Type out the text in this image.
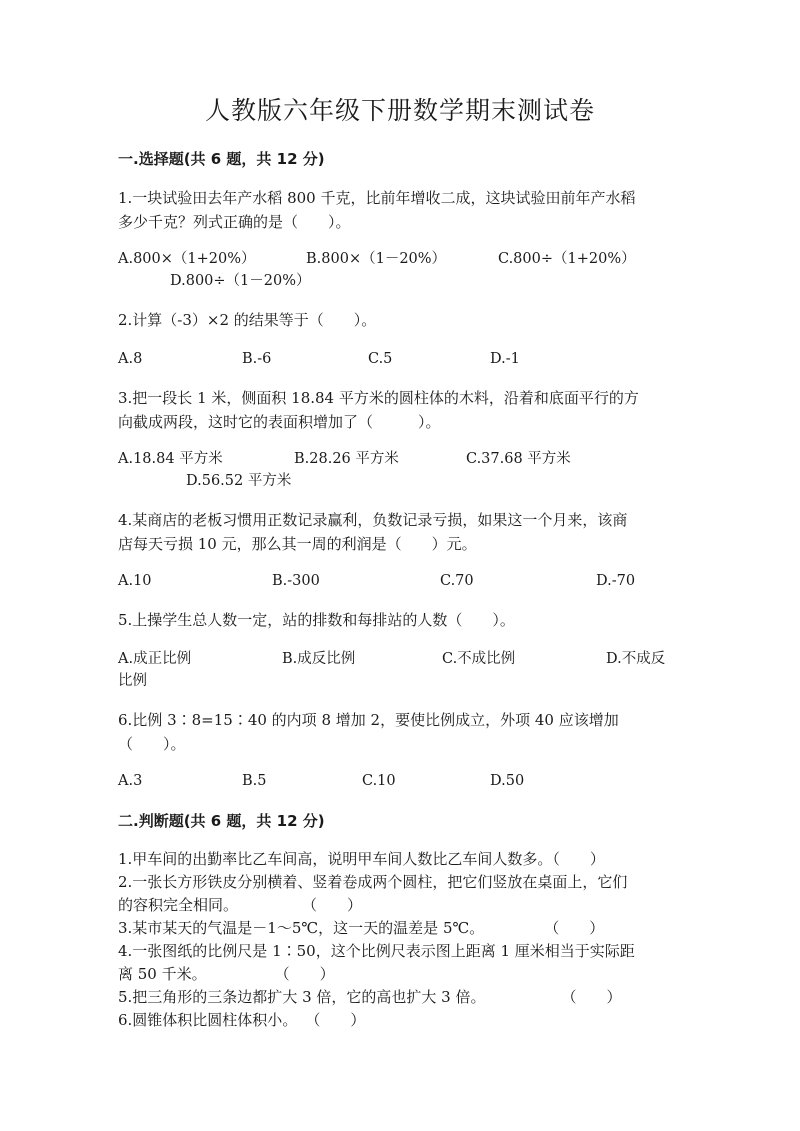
人教版六年级下册数学期末测试卷
一.选择题(共 6 题，共 12 分)
1.一块试验田去年产水稻 800 千克，比前年增收二成，这块试验田前年产水稻
多少千克？列式正确的是（　　）。
A.800×（1+20%）	B.800×（1－20%）	C.800÷（1+20%）
D.800÷（1－20%）
2.计算（-3）×2 的结果等于（　　）。
A.8	B.-6	C.5	D.-1
3.把一段长 1 米，侧面积 18.84 平方米的圆柱体的木料，沿着和底面平行的方
向截成两段，这时它的表面积增加了（　　　）。
A.18.84 平方米	B.28.26 平方米	C.37.68 平方米
D.56.52 平方米
4.某商店的老板习惯用正数记录赢利，负数记录亏损，如果这一个月来，该商
店每天亏损 10 元，那么其一周的利润是（　　）元。
A.10	B.-300	C.70	D.-70
5.上操学生总人数一定，站的排数和每排站的人数（　　）。
A.成正比例	B.成反比例	C.不成比例	D.不成反
比例
6.比例 3∶8=15∶40 的内项 8 增加 2，要使比例成立，外项 40 应该增加
（　　）。
A.3	B.5	C.10	D.50
二.判断题(共 6 题，共 12 分)
1.甲车间的出勤率比乙车间高，说明甲车间人数比乙车间人数多。（　　）
2.一张长方形铁皮分别横着、竖着卷成两个圆柱，把它们竖放在桌面上，它们
的容积完全相同。	（　　）
3.某市某天的气温是－1～5℃，这一天的温差是 5℃。	（　　）
4.一张图纸的比例尺是 1∶50，这个比例尺表示图上距离 1 厘米相当于实际距
离 50 千米。	（　　）
5.把三角形的三条边都扩大 3 倍，它的高也扩大 3 倍。	（　　）
6.圆锥体积比圆柱体积小。 （　　）
